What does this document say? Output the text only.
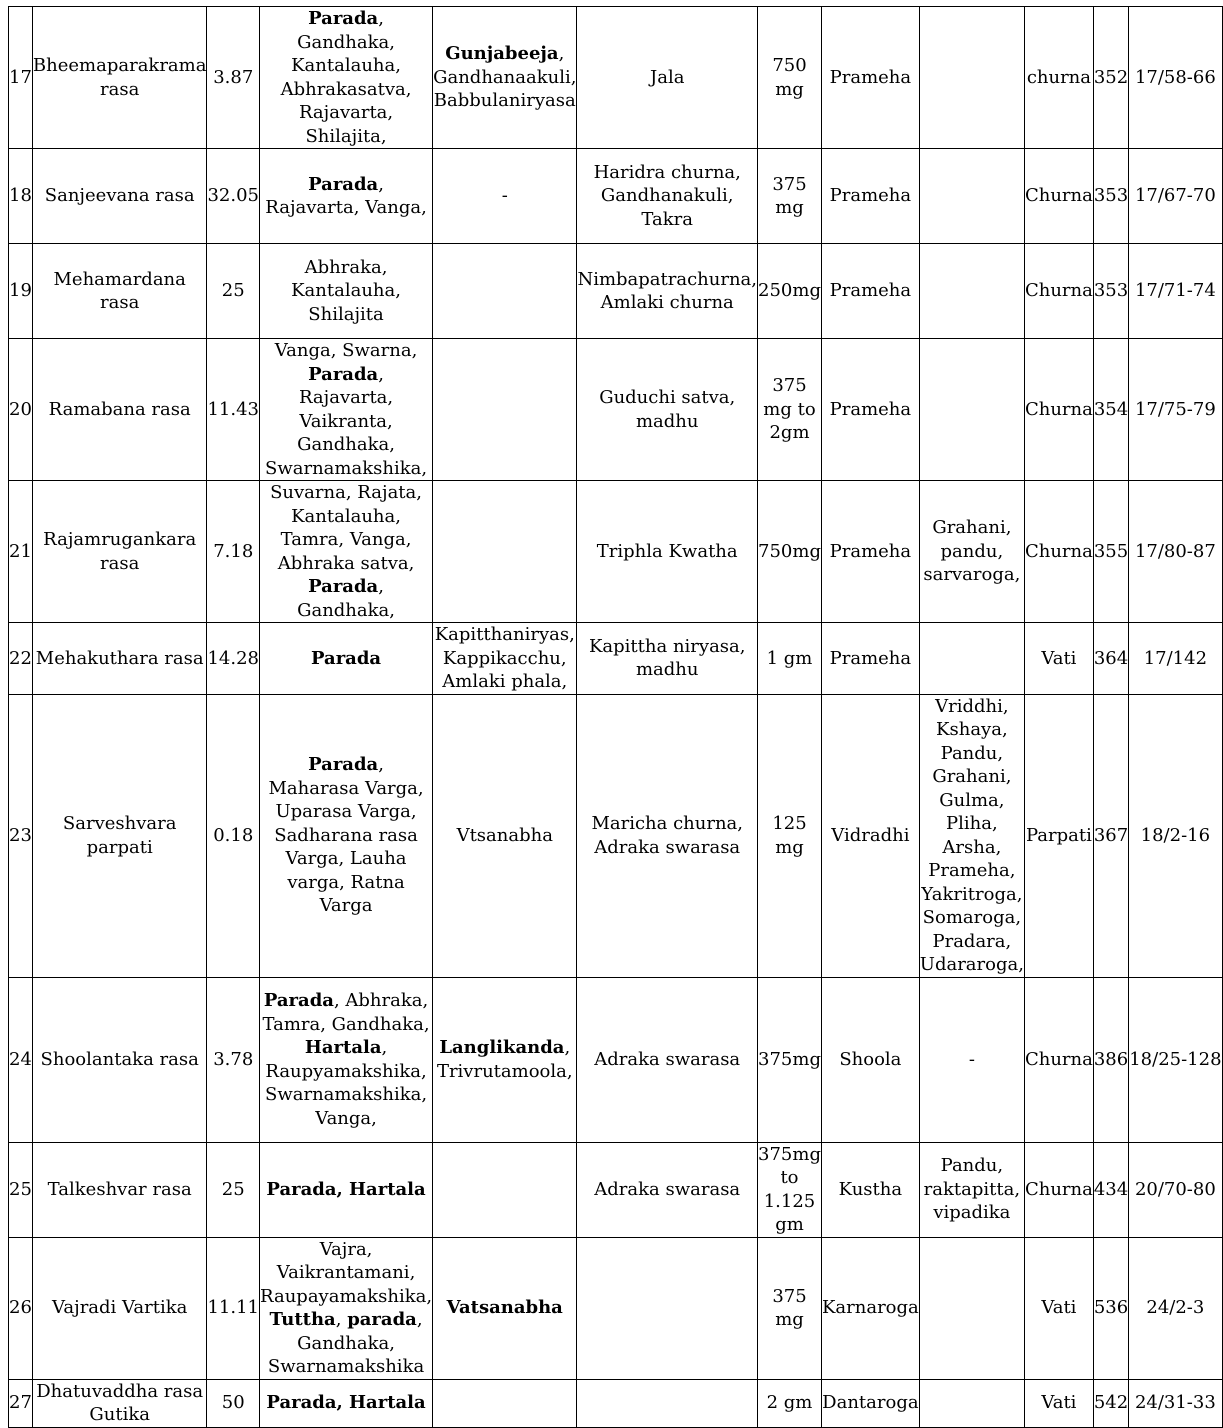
17	Bheemaparakrama rasa	3.87	Parada, Gandhaka, Kantalauha, Abhrakasatva, Rajavarta, Shilajita,	Gunjabeeja, Gandhanaakuli, Babbulaniryasa	Jala	750 mg	Prameha		churna	352	17/58-66
18	Sanjeevana rasa	32.05	Parada, Rajavarta, Vanga,	-	Haridra churna, Gandhanakuli, Takra	375 mg	Prameha		Churna	353	17/67-70
19	Mehamardana rasa	25	Abhraka, Kantalauha, Shilajita		Nimbapatrachurna, Amlaki churna	250mg	Prameha		Churna	353	17/71-74
20	Ramabana rasa	11.43	Vanga, Swarna, Parada, Rajavarta, Vaikranta, Gandhaka, Swarnamakshika,		Guduchi satva, madhu	375 mg to 2gm	Prameha		Churna	354	17/75-79
21	Rajamrugankara rasa	7.18	Suvarna, Rajata, Kantalauha, Tamra, Vanga, Abhraka satva, Parada, Gandhaka,		Triphla Kwatha	750mg	Prameha	Grahani, pandu, sarvaroga,	Churna	355	17/80-87
22	Mehakuthara rasa	14.28	Parada	Kapitthaniryas, Kappikacchu, Amlaki phala,	Kapittha niryasa, madhu	1 gm	Prameha		Vati	364	17/142
23	Sarveshvara parpati	0.18	Parada, Maharasa Varga, Uparasa Varga, Sadharana rasa Varga, Lauha varga, Ratna Varga	Vtsanabha	Maricha churna, Adraka swarasa	125 mg	Vidradhi	Vriddhi, Kshaya, Pandu, Grahani, Gulma, Pliha, Arsha, Prameha, Yakritroga, Somaroga, Pradara, Udararoga,	Parpati	367	18/2-16
24	Shoolantaka rasa	3.78	Parada, Abhraka, Tamra, Gandhaka, Hartala, Raupyamakshika, Swarnamakshika, Vanga,	Langlikanda, Trivrutamoola,	Adraka swarasa	375mg	Shoola	-	Churna	386	18/25-128
25	Talkeshvar rasa	25	Parada, Hartala		Adraka swarasa	375mg to 1.125 gm	Kustha	Pandu, raktapitta, vipadika	Churna	434	20/70-80
26	Vajradi Vartika	11.11	Vajra, Vaikrantamani, Raupayamakshika, Tuttha, parada, Gandhaka, Swarnamakshika	Vatsanabha		375 mg	Karnaroga		Vati	536	24/2-3
27	Dhatuvaddha rasa Gutika	50	Parada, Hartala			2 gm	Dantaroga		Vati	542	24/31-33
